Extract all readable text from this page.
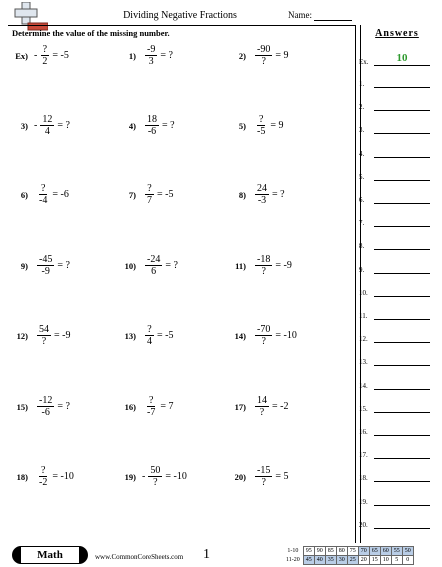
Dividing Negative Fractions	Name:
Determine the value of the missing number.
$Ex) - \frac{?}{2} = -5$	$1) \frac{-9}{3}$ = ?	$2) \frac{-90}{?} = 9$
$3) - \frac{12}{4}$ = ?	$4) \frac{18}{-6}$ = ?	$5) \frac{?}{-5} = 9$
$6) \frac{?}{-4} = -6$	$7) \frac{?}{7} = -5$	$8) \frac{24}{-3}$ = ?
$9) \frac{-45}{-9}$ = ?	$10) \frac{-24}{6}$ = ?	$11) \frac{-18}{?} = -9$
$12) \frac{54}{?} = -9$	$13) \frac{?}{4} = -5$	$14) \frac{-70}{?} = -10$
$15) \frac{-12}{-6}$ = ?	$16) \frac{?}{-7} = 7$	$17) \frac{14}{?} = -2$
$18) \frac{?}{-2} = -10$	$19) - \frac{50}{?} = -10$	$20) \frac{-15}{?} = 5$
Answers
Ex.	10
1.
2.
3.
4.
5.
6.
7.
8.
9.
10.
11.
12.
13.
14.
15.
16.
17.
18.
19.
20.
Math	www.CommonCoreSheets.com 1	1-10	95	90	85	80	75	70	65	60	55	50
11-20	45	40	35	30	25	20	15	10	5	0
